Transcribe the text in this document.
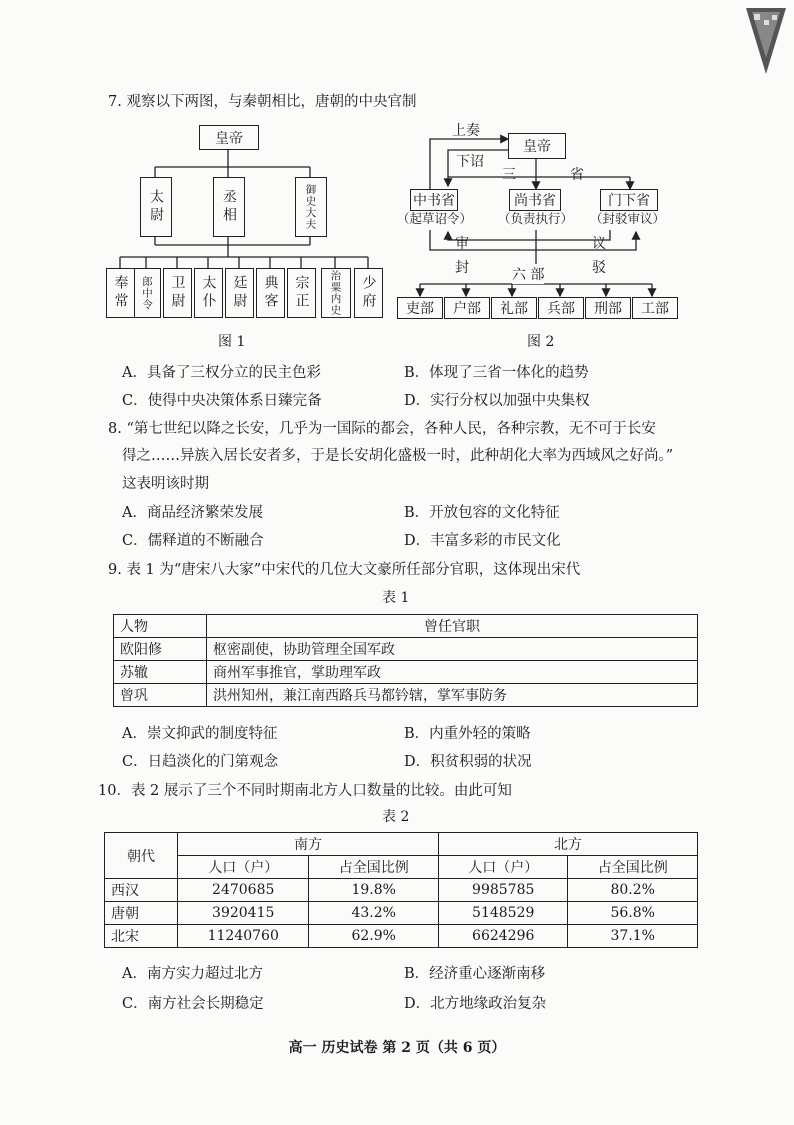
7. 观察以下两图，与秦朝相比，唐朝的中央官制
皇帝
太尉	丞相	御史大夫
奉常 郎中令 卫尉 太仆 廷尉 典客 宗正 治粟内史 少府
图 1
上奏
下诏
皇帝
三	省
中书省
（起草诏令）
尚书省
（负责执行）
门下省
（封驳审议）
审	议
封	六 部	驳
吏部	户部	礼部	兵部	刑部	工部
图 2
A．具备了三权分立的民主色彩	B．体现了三省一体化的趋势
C．使得中央决策体系日臻完备	D．实行分权以加强中央集权
8. “第七世纪以降之长安，几乎为一国际的都会，各种人民，各种宗教，无不可于长安
得之……异族入居长安者多，于是长安胡化盛极一时，此种胡化大率为西域风之好尚。”
这表明该时期
A．商品经济繁荣发展	B．开放包容的文化特征
C．儒释道的不断融合	D．丰富多彩的市民文化
9. 表 1 为“唐宋八大家”中宋代的几位大文豪所任部分官职，这体现出宋代
表 1
人物	曾任官职
欧阳修	枢密副使，协助管理全国军政
苏辙	商州军事推官，掌助理军政
曾巩	洪州知州，兼江南西路兵马都钤辖，掌军事防务
A．崇文抑武的制度特征	B．内重外轻的策略
C．日趋淡化的门第观念	D．积贫积弱的状况
10．表 2 展示了三个不同时期南北方人口数量的比较。由此可知
表 2
朝代	南方		北方	
	人口（户）	占全国比例	人口（户）	占全国比例
西汉	2470685	19.8%	9985785	80.2%
唐朝	3920415	43.2%	5148529	56.8%
北宋	11240760	62.9%	6624296	37.1%
A．南方实力超过北方	B．经济重心逐渐南移
C．南方社会长期稳定	D．北方地缘政治复杂
高一 历史试卷 第 2 页（共 6 页）
